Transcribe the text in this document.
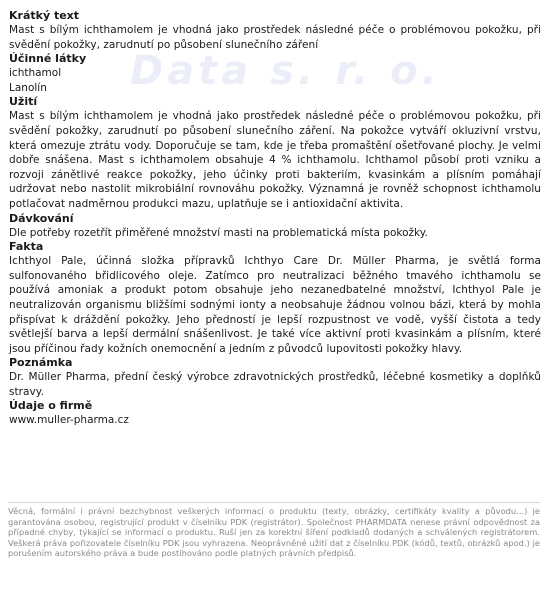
Data s. r. o.

Krátký text

Mast s bílým ichthamolem je vhodná jako prostředek následné péče o problémovou pokožku, při svědění pokožky, zarudnutí po působení slunečního záření

Účinné látky

ichthamol

Lanolín

Užití

Mast s bílým ichthamolem je vhodná jako prostředek následné péče o problémovou pokožku, při svědění pokožky, zarudnutí po působení slunečního záření. Na pokožce vytváří okluzivní vrstvu, která omezuje ztrátu vody. Doporučuje se tam, kde je třeba promaštění ošetřované plochy. Je velmi dobře snášena. Mast s ichthamolem obsahuje 4 % ichthamolu. Ichthamol působí proti vzniku a rozvoji zánětlivé reakce pokožky, jeho účinky proti bakteriím, kvasinkám a plísním pomáhají udržovat nebo nastolit mikrobiální rovnováhu pokožky. Významná je rovněž schopnost ichthamolu potlačovat nadměrnou produkci mazu, uplatňuje se i antioxidační aktivita.

Dávkování

Dle potřeby rozetřít přiměřené množství masti na problematická místa pokožky.

Fakta

Ichthyol Pale, účinná složka přípravků Ichthyo Care Dr. Müller Pharma, je světlá forma sulfonovaného břidlicového oleje. Zatímco pro neutralizaci běžného tmavého ichthamolu se používá amoniak a produkt potom obsahuje jeho nezanedbatelné množství, Ichthyol Pale je neutralizován organismu bližšími sodnými ionty a neobsahuje žádnou volnou bázi, která by mohla přispívat k dráždění pokožky. Jeho předností je lepší rozpustnost ve vodě, vyšší čistota a tedy světlejší barva a lepší dermální snášenlivost. Je také více aktivní proti kvasinkám a plísním, které jsou příčinou řady kožních onemocnění a jedním z původců lupovitosti pokožky hlavy.

Poznámka

Dr. Müller Pharma, přední český výrobce zdravotnických prostředků, léčebné kosmetiky a doplňků stravy.

Údaje o firmě

www.muller-pharma.cz

Věcná, formální i právní bezchybnost veškerých informací o produktu (texty, obrázky, certifikáty kvality a původu...) je garantována osobou, registrující produkt v číselníku PDK (registrátor). Společnost PHARMDATA nenese právní odpovědnost za případné chyby, týkající se informací o produktu. Ruší jen za korektní šíření podkladů dodaných a schválených registrátorem. Veškerá práva pořizovatele číselníku PDK jsou vyhrazena. Neoprávněné užití dat z číselníku PDK (kódů, textů, obrázků apod.) je porušením autorského práva a bude postihováno podle platných právních předpisů.
